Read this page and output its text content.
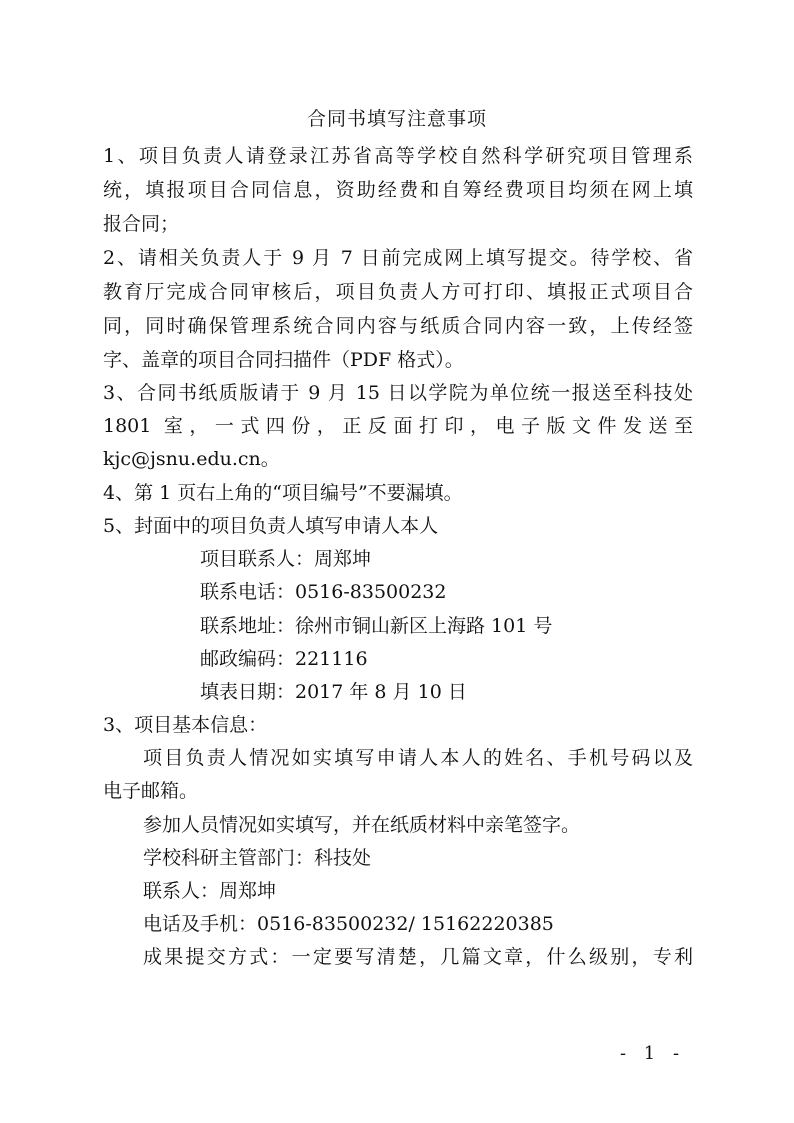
合同书填写注意事项
1、项目负责人请登录江苏省高等学校自然科学研究项目管理系
统，填报项目合同信息，资助经费和自筹经费项目均须在网上填
报合同；
2、请相关负责人于 9 月 7 日前完成网上填写提交。待学校、省
教育厅完成合同审核后，项目负责人方可打印、填报正式项目合
同，同时确保管理系统合同内容与纸质合同内容一致，上传经签
字、盖章的项目合同扫描件（PDF 格式）。
3、合同书纸质版请于 9 月 15 日以学院为单位统一报送至科技处
1801 室，一式四份，正反面打印，电子版文件发送至
kjc@jsnu.edu.cn。
4、第 1 页右上角的“项目编号”不要漏填。
5、封面中的项目负责人填写申请人本人
项目联系人：周郑坤
联系电话：0516-83500232
联系地址：徐州市铜山新区上海路 101 号
邮政编码：221116
填表日期：2017 年 8 月 10 日
3、项目基本信息：
项目负责人情况如实填写申请人本人的姓名、手机号码以及
电子邮箱。
参加人员情况如实填写，并在纸质材料中亲笔签字。
学校科研主管部门：科技处
联系人：周郑坤
电话及手机：0516-83500232/ 15162220385
成果提交方式：一定要写清楚，几篇文章，什么级别，专利
- 1 -
